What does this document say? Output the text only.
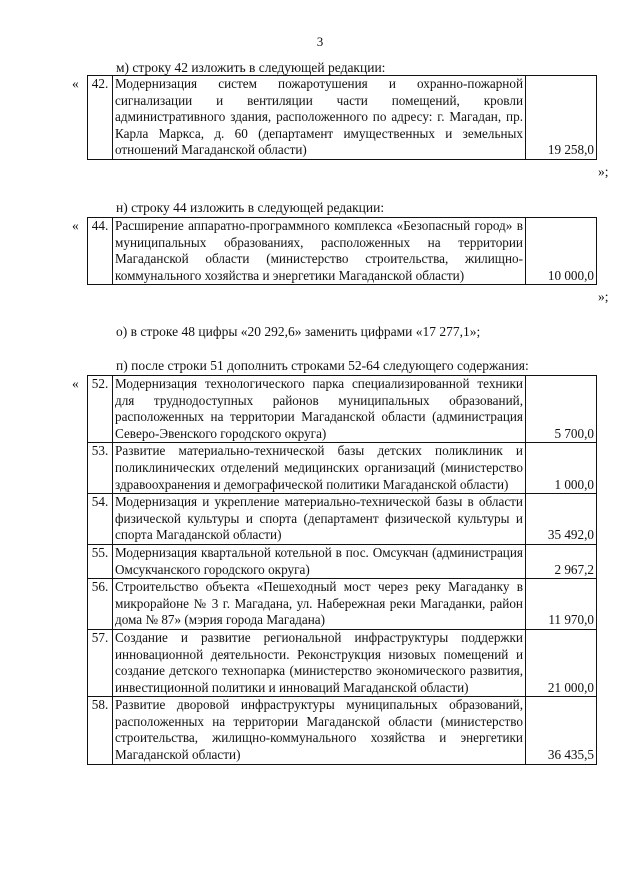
3
м) строку 42 изложить в следующей редакции:
« 42.	Модернизация систем пожаротушения и охранно-пожарной сигнализации и вентиляции части помещений, кровли административного здания, расположенного по адресу: г. Магадан, пр. Карла Маркса, д. 60 (департамент имущественных и земельных отношений Магаданской области)	19 258,0
»;
н) строку 44 изложить в следующей редакции:
« 44.	Расширение аппаратно-программного комплекса «Безопасный город» в муниципальных образованиях, расположенных на территории Магаданской области (министерство строительства, жилищно-коммунального хозяйства и энергетики Магаданской области)	10 000,0
»;
о) в строке 48 цифры «20 292,6» заменить цифрами «17 277,1»;
п) после строки 51 дополнить строками 52-64 следующего содержания:
« 52.	Модернизация технологического парка специализированной техники для труднодоступных районов муниципальных образований, расположенных на территории Магаданской области (администрация Северо-Эвенского городского округа)	5 700,0
53.	Развитие материально-технической базы детских поликлиник и поликлинических отделений медицинских организаций (министерство здравоохранения и демографической политики Магаданской области)	1 000,0
54.	Модернизация и укрепление материально-технической базы в области физической культуры и спорта (департамент физической культуры и спорта Магаданской области)	35 492,0
55.	Модернизация квартальной котельной в пос. Омсукчан (администрация Омсукчанского городского округа)	2 967,2
56.	Строительство объекта «Пешеходный мост через реку Магаданку в микрорайоне № 3 г. Магадана, ул. Набережная реки Магаданки, район дома № 87» (мэрия города Магадана)	11 970,0
57.	Создание и развитие региональной инфраструктуры поддержки инновационной деятельности. Реконструкция низовых помещений и создание детского технопарка (министерство экономического развития, инвестиционной политики и инноваций Магаданской области)	21 000,0
58.	Развитие дворовой инфраструктуры муниципальных образований, расположенных на территории Магаданской области (министерство строительства, жилищно-коммунального хозяйства и энергетики Магаданской области)	36 435,5
